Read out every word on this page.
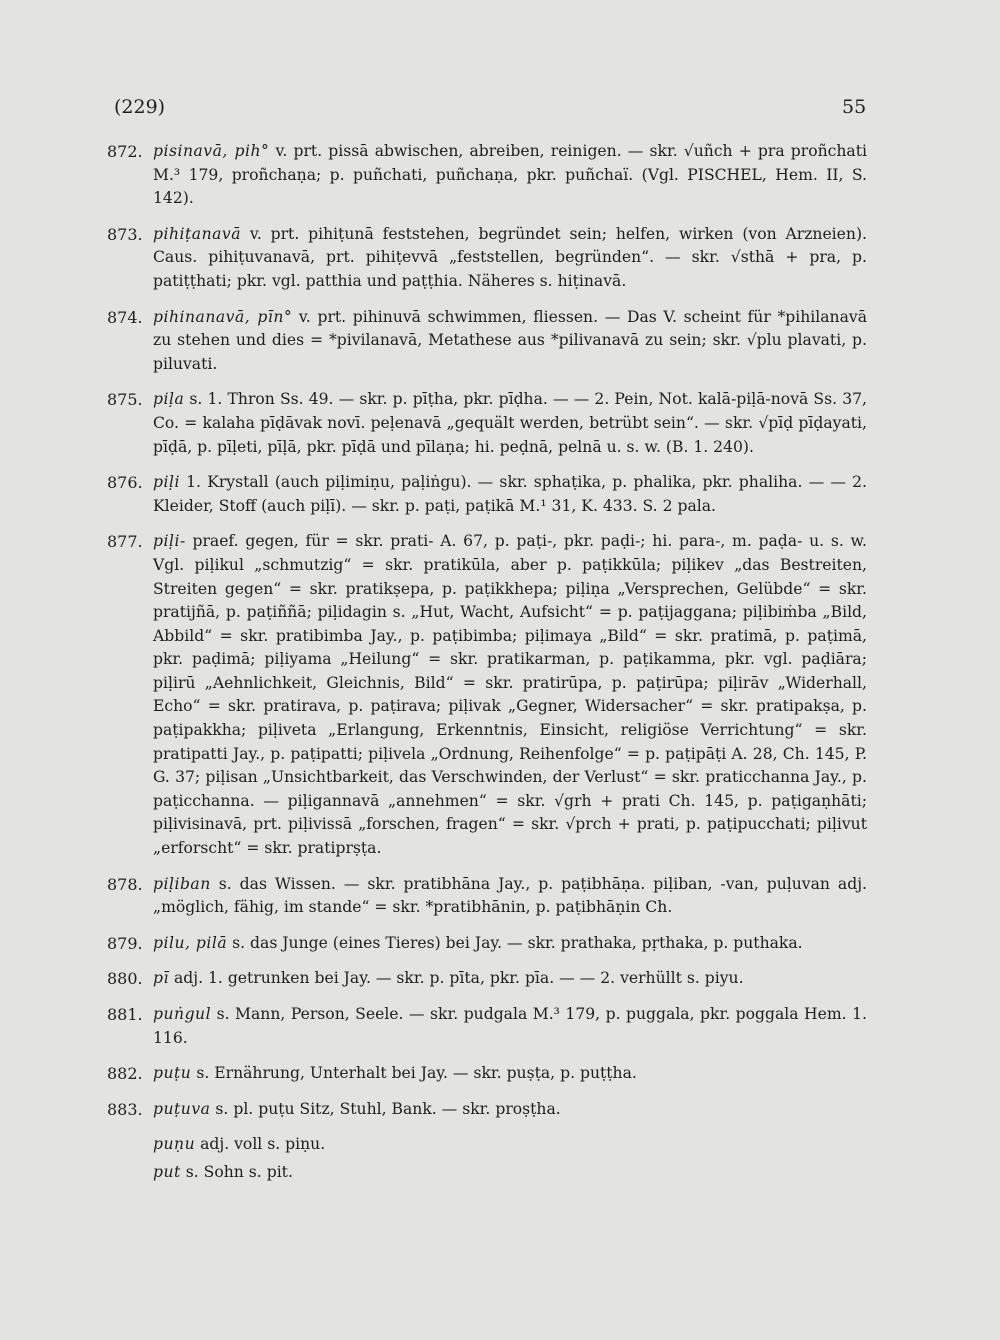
(229)	55
872. pisinavā, pih° v. prt. pissā abwischen, abreiben, reinigen. — skr. √uñch + pra proñchati M.³ 179, proñchaṇa; p. puñchati, puñchaṇa, pkr. puñchaï. (Vgl. PISCHEL, Hem. II, S. 142).
873. pihiṭanavā v. prt. pihiṭunā feststehen, begründet sein; helfen, wirken (von Arzneien). Caus. pihiṭuvanavā, prt. pihiṭevvā „feststellen, begründen“. — skr. √sthā + pra, p. patiṭṭhati; pkr. vgl. patthia und paṭṭhia. Näheres s. hiṭinavā.
874. pihinanavā, pīn° v. prt. pihinuvā schwimmen, fliessen. — Das V. scheint für *pihilanavā zu stehen und dies = *pivilanavā, Metathese aus *pilivanavā zu sein; skr. √plu plavati, p. piluvati.
875. piḷa s. 1. Thron Ss. 49. — skr. p. pīṭha, pkr. pīḍha. — — 2. Pein, Not. kalā-piḷā-novā Ss. 37, Co. = kalaha pīḍāvak novī. peḷenavā „gequält werden, betrübt sein“. — skr. √pīḍ pīḍayati, pīḍā, p. pīḷeti, pīḷā, pkr. pīḍā und pīlaṇa; hi. peḍnā, pelnā u. s. w. (B. 1. 240).
876. piḷi 1. Krystall (auch piḷimiṇu, paḷiṅgu). — skr. sphaṭika, p. phalika, pkr. phaliha. — — 2. Kleider, Stoff (auch piḷī). — skr. p. paṭi, paṭikā M.¹ 31, K. 433. S. 2 pala.
877. piḷi- praef. gegen, für = skr. prati- A. 67, p. paṭi-, pkr. paḍi-; hi. para-, m. paḍa- u. s. w. Vgl. piḷikul „schmutzig“ = skr. pratikūla, aber p. paṭikkūla; piḷikev „das Bestreiten, Streiten gegen“ = skr. pratikṣepa, p. paṭikkhepa; piḷiṇa „Versprechen, Gelübde“ = skr. pratijñā, p. paṭiññā; piḷidagin s. „Hut, Wacht, Aufsicht“ = p. paṭijaggana; piḷibiṁba „Bild, Abbild“ = skr. pratibimba Jay., p. paṭibimba; piḷimaya „Bild“ = skr. pratimā, p. paṭimā, pkr. paḍimā; piḷiyama „Heilung“ = skr. pratikarman, p. paṭikamma, pkr. vgl. paḍiāra; piḷirū „Aehnlichkeit, Gleichnis, Bild“ = skr. pratirūpa, p. paṭirūpa; piḷirāv „Widerhall, Echo“ = skr. pratirava, p. paṭirava; piḷivak „Gegner, Widersacher“ = skr. pratipakṣa, p. paṭipakkha; piḷiveta „Erlangung, Erkenntnis, Einsicht, religiöse Verrichtung“ = skr. pratipatti Jay., p. paṭipatti; piḷivela „Ordnung, Reihenfolge“ = p. paṭipāṭi A. 28, Ch. 145, P. G. 37; piḷisan „Unsichtbarkeit, das Verschwinden, der Verlust“ = skr. praticchanna Jay., p. paṭicchanna. — piḷigannavā „annehmen“ = skr. √grh + prati Ch. 145, p. paṭigaṇhāti; piḷivisinavā, prt. piḷivissā „forschen, fragen“ = skr. √prch + prati, p. paṭipucchati; piḷivut „erforscht“ = skr. pratiprṣṭa.
878. piḷiban s. das Wissen. — skr. pratibhāna Jay., p. paṭibhāṇa. piḷiban, -van, puḷuvan adj. „möglich, fähig, im stande“ = skr. *pratibhānin, p. paṭibhāṇin Ch.
879. pilu, pilā s. das Junge (eines Tieres) bei Jay. — skr. prathaka, pṛthaka, p. puthaka.
880. pī adj. 1. getrunken bei Jay. — skr. p. pīta, pkr. pīa. — — 2. verhüllt s. piyu.
881. puṅgul s. Mann, Person, Seele. — skr. pudgala M.³ 179, p. puggala, pkr. poggala Hem. 1. 116.
882. puṭu s. Ernährung, Unterhalt bei Jay. — skr. puṣṭa, p. puṭṭha.
883. puṭuva s. pl. puṭu Sitz, Stuhl, Bank. — skr. proṣṭha.
puṇu adj. voll s. piṇu.
put s. Sohn s. pit.
